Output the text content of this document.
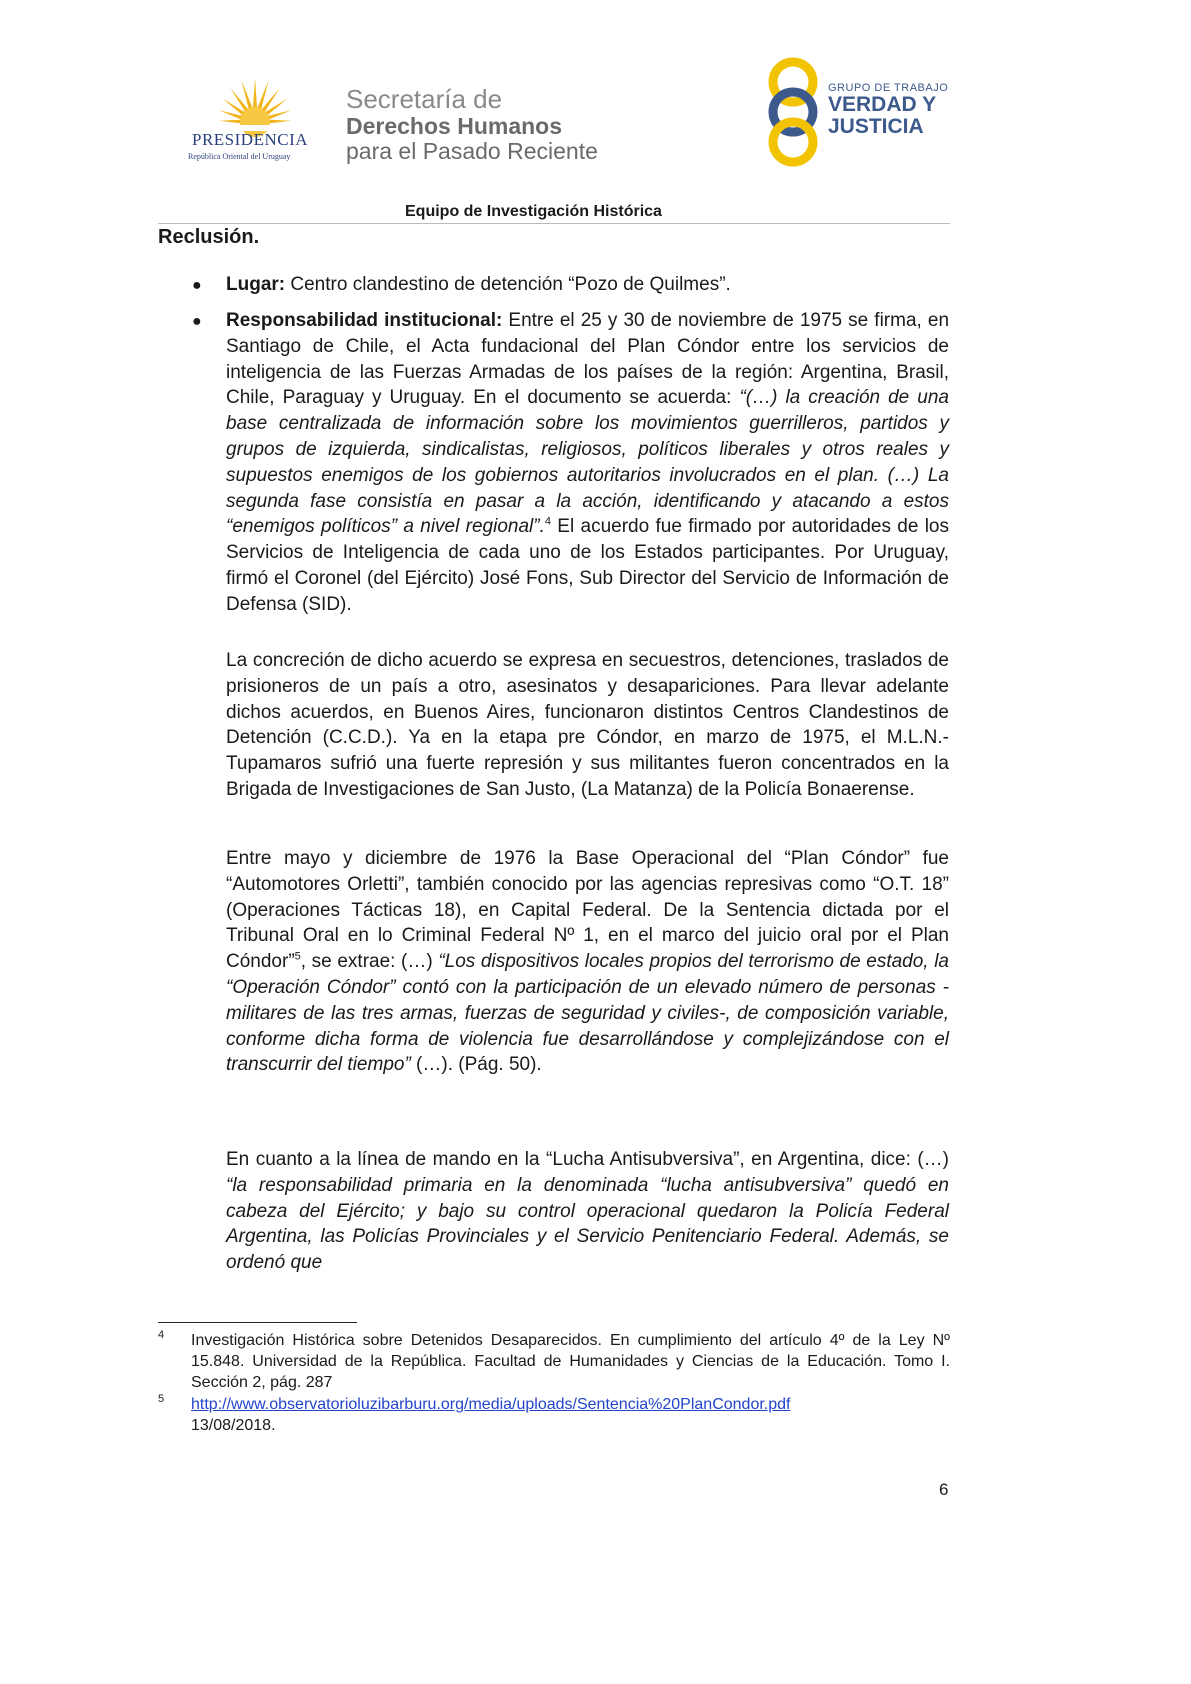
PRESIDENCIA
República Oriental del Uruguay
Secretaría de
Derechos Humanos
para el Pasado Reciente
GRUPO DE TRABAJO
VERDAD Y
JUSTICIA
Equipo de Investigación Histórica
Reclusión.
● Lugar: Centro clandestino de detención “Pozo de Quilmes”.
● Responsabilidad institucional: Entre el 25 y 30 de noviembre de 1975 se firma, en Santiago de Chile, el Acta fundacional del Plan Cóndor entre los servicios de inteligencia de las Fuerzas Armadas de los países de la región: Argentina, Brasil, Chile, Paraguay y Uruguay. En el documento se acuerda: “(…) la creación de una base centralizada de información sobre los movimientos guerrilleros, partidos y grupos de izquierda, sindicalistas, religiosos, políticos liberales y otros reales y supuestos enemigos de los gobiernos autoritarios involucrados en el plan. (…) La segunda fase consistía en pasar a la acción, identificando y atacando a estos “enemigos políticos” a nivel regional”.$^4$ El acuerdo fue firmado por autoridades de los Servicios de Inteligencia de cada uno de los Estados participantes. Por Uruguay, firmó el Coronel (del Ejército) José Fons, Sub Director del Servicio de Información de Defensa (SID).
La concreción de dicho acuerdo se expresa en secuestros, detenciones, traslados de prisioneros de un país a otro, asesinatos y desapariciones. Para llevar adelante dichos acuerdos, en Buenos Aires, funcionaron distintos Centros Clandestinos de Detención (C.C.D.). Ya en la etapa pre Cóndor, en marzo de 1975, el M.L.N.-Tupamaros sufrió una fuerte represión y sus militantes fueron concentrados en la Brigada de Investigaciones de San Justo, (La Matanza) de la Policía Bonaerense.
Entre mayo y diciembre de 1976 la Base Operacional del “Plan Cóndor” fue “Automotores Orletti”, también conocido por las agencias represivas como “O.T. 18” (Operaciones Tácticas 18), en Capital Federal. De la Sentencia dictada por el Tribunal Oral en lo Criminal Federal Nº 1, en el marco del juicio oral por el Plan Cóndor”$^5$, se extrae: (…) “Los dispositivos locales propios del terrorismo de estado, la “Operación Cóndor” contó con la participación de un elevado número de personas -militares de las tres armas, fuerzas de seguridad y civiles-, de composición variable, conforme dicha forma de violencia fue desarrollándose y complejizándose con el transcurrir del tiempo” (…). (Pág. 50).
En cuanto a la línea de mando en la “Lucha Antisubversiva”, en Argentina, dice: (…) “la responsabilidad primaria en la denominada “lucha antisubversiva” quedó en cabeza del Ejército; y bajo su control operacional quedaron la Policía Federal Argentina, las Policías Provinciales y el Servicio Penitenciario Federal. Además, se ordenó que
4 Investigación Histórica sobre Detenidos Desaparecidos. En cumplimiento del artículo 4º de la Ley Nº 15.848. Universidad de la República. Facultad de Humanidades y Ciencias de la Educación. Tomo I. Sección 2, pág. 287
5 http://www.observatorioluzibarburu.org/media/uploads/Sentencia%20PlanCondor.pdf
13/08/2018.
6
